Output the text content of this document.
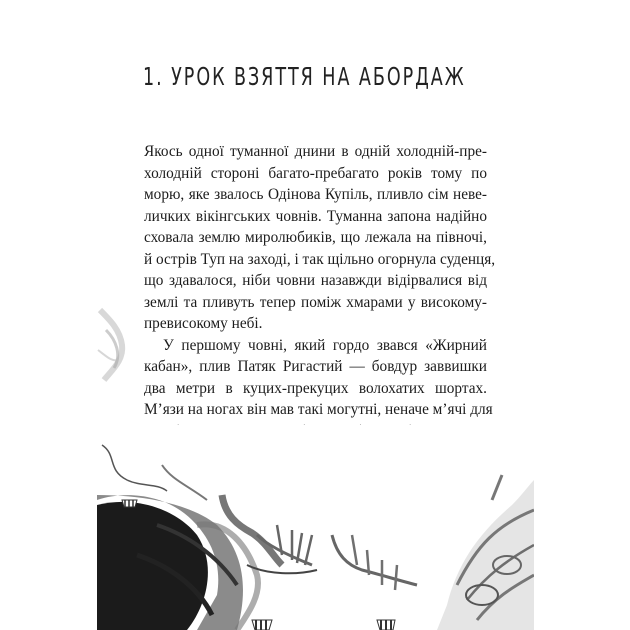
1. УРОК ВЗЯТТЯ НА АБОРДАЖ
Якось одної туманної днини в одній холодній-пре-
холодній стороні багато-пребагато років тому по
морю, яке звалось Одінова Купіль, пливло сім неве-
личких вікінгських човнів. Туманна запона надійно
сховала землю миролюбиків, що лежала на півночі,
й острів Туп на заході, і так щільно огорнула суденця,
що здавалося, ніби човни назавжди відірвалися від
землі та пливуть тепер поміж хмарами у високому-
превисокому небі.
У першому човні, який гордо звався «Жирний
кабан», плив Патяк Ригастий — бовдур заввишки
два метри в куцих-прекуцих волохатих шортах.
М’язи на ногах він мав такі могутні, неначе м’ячі для
